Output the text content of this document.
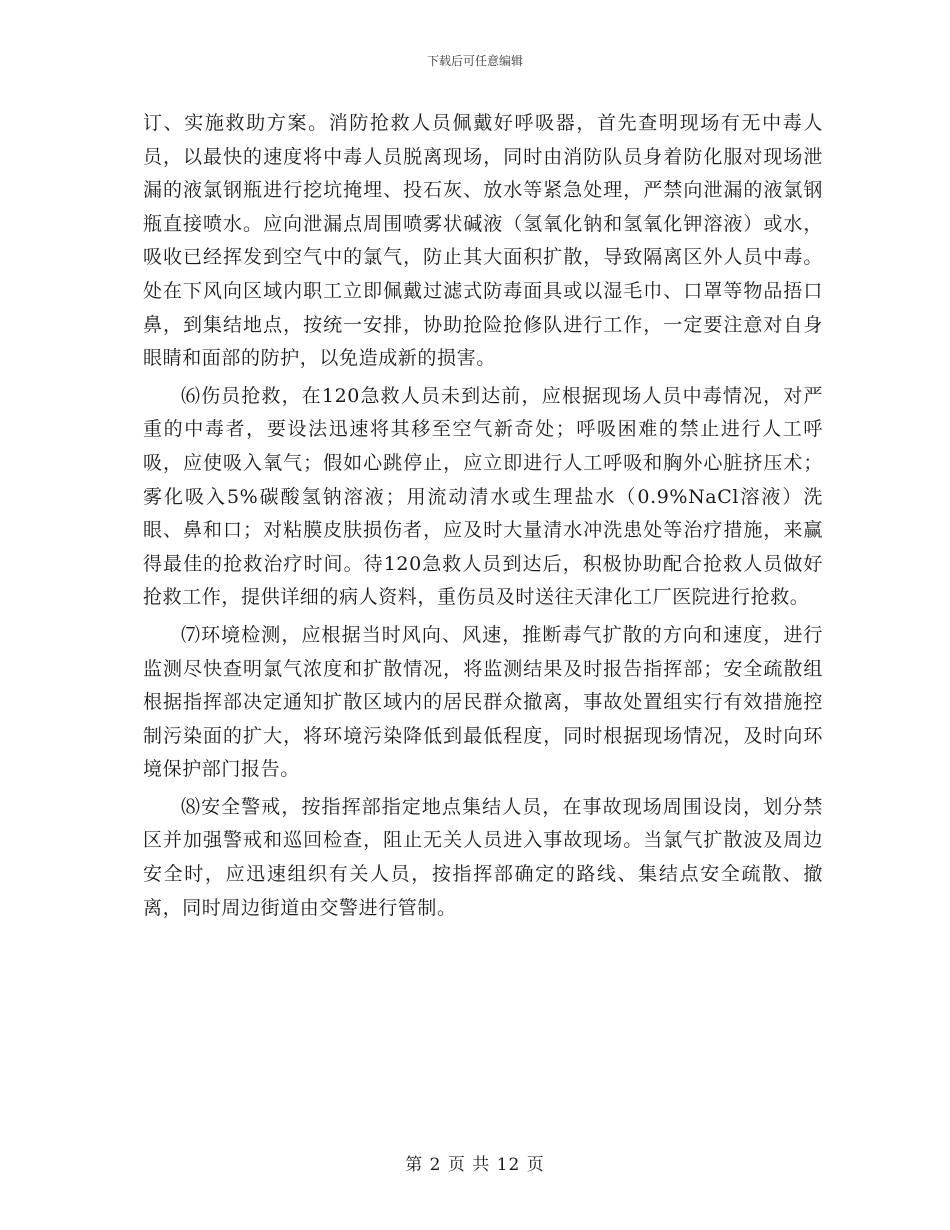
下载后可任意编辑

订、实施救助方案。消防抢救人员佩戴好呼吸器，首先查明现场有无中毒人员，以最快的速度将中毒人员脱离现场，同时由消防队员身着防化服对现场泄漏的液氯钢瓶进行挖坑掩埋、投石灰、放水等紧急处理，严禁向泄漏的液氯钢瓶直接喷水。应向泄漏点周围喷雾状碱液（氢氧化钠和氢氧化钾溶液）或水，吸收已经挥发到空气中的氯气，防止其大面积扩散，导致隔离区外人员中毒。处在下风向区域内职工立即佩戴过滤式防毒面具或以湿毛巾、口罩等物品捂口鼻，到集结地点，按统一安排，协助抢险抢修队进行工作，一定要注意对自身眼睛和面部的防护，以免造成新的损害。

⑹伤员抢救，在120急救人员未到达前，应根据现场人员中毒情况，对严重的中毒者，要设法迅速将其移至空气新奇处；呼吸困难的禁止进行人工呼吸，应使吸入氧气；假如心跳停止，应立即进行人工呼吸和胸外心脏挤压术；雾化吸入5%碳酸氢钠溶液；用流动清水或生理盐水（0.9%NaCl溶液）洗眼、鼻和口；对粘膜皮肤损伤者，应及时大量清水冲洗患处等治疗措施，来赢得最佳的抢救治疗时间。待120急救人员到达后，积极协助配合抢救人员做好抢救工作，提供详细的病人资料，重伤员及时送往天津化工厂医院进行抢救。

⑺环境检测，应根据当时风向、风速，推断毒气扩散的方向和速度，进行监测尽快查明氯气浓度和扩散情况，将监测结果及时报告指挥部；安全疏散组根据指挥部决定通知扩散区域内的居民群众撤离，事故处置组实行有效措施控制污染面的扩大，将环境污染降低到最低程度，同时根据现场情况，及时向环境保护部门报告。

⑻安全警戒，按指挥部指定地点集结人员，在事故现场周围设岗，划分禁区并加强警戒和巡回检查，阻止无关人员进入事故现场。当氯气扩散波及周边安全时，应迅速组织有关人员，按指挥部确定的路线、集结点安全疏散、撤离，同时周边街道由交警进行管制。

第 2 页 共 12 页
